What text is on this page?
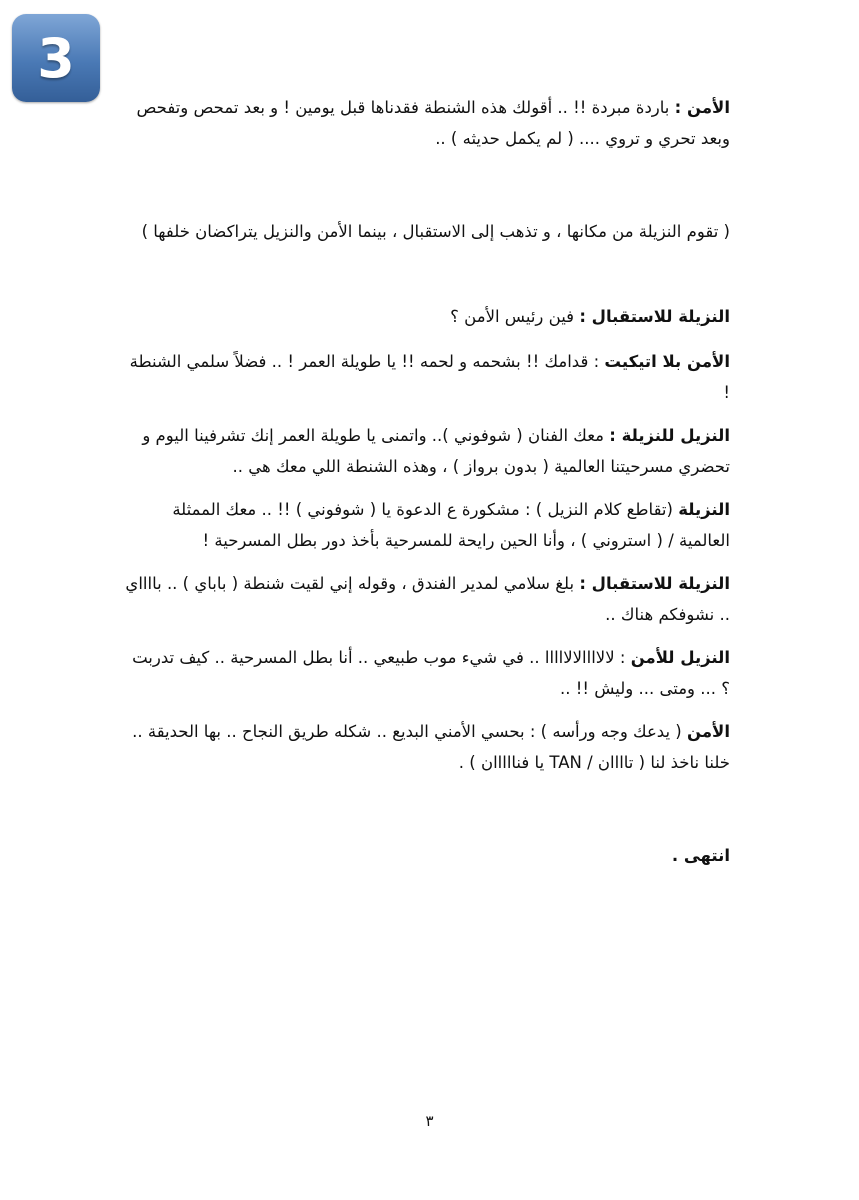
3

الأمن : باردة مبردة !! .. أقولك هذه الشنطة فقدناها قبل يومين ! و بعد تمحص وتفحص وبعد تحري و تروي .... ( لم يكمل حديثه ) ..

( تقوم النزيلة من مكانها ، و تذهب إلى الاستقبال ، بينما الأمن والنزيل يتراكضان خلفها )

النزيلة للاستقبال : فين رئيس الأمن ؟

الأمن بلا اتيكيت : قدامك !! بشحمه و لحمه !! يا طويلة العمر ! .. فضلاً سلمي الشنطة !

النزيل للنزيلة : معك الفنان ( شوفوني ).. واتمنى يا طويلة العمر إنك تشرفينا اليوم و تحضري مسرحيتنا العالمية ( بدون برواز ) ، وهذه الشنطة اللي معك هي ..

النزيلة (تقاطع كلام النزيل ) : مشكورة ع الدعوة يا ( شوفوني ) !! .. معك الممثلة العالمية / ( استروني ) ، وأنا الحين رايحة للمسرحية بأخذ دور بطل المسرحية !

النزيلة للاستقبال : بلغ سلامي لمدير الفندق ، وقوله إني لقيت شنطة ( باباي ) .. بااااي .. نشوفكم هناك ..

النزيل للأمن : لالاااالالااااا .. في شيء موب طبيعي .. أنا بطل المسرحية .. كيف تدربت ؟ ... ومتى ... وليش !! ..

الأمن ( يدعك وجه ورأسه ) : بحسي الأمني البديع .. شكله طريق النجاح .. بها الحديقة .. خلنا ناخذ لنا ( تاااان / TAN يا فنااااان ) .

انتهى .

٣
